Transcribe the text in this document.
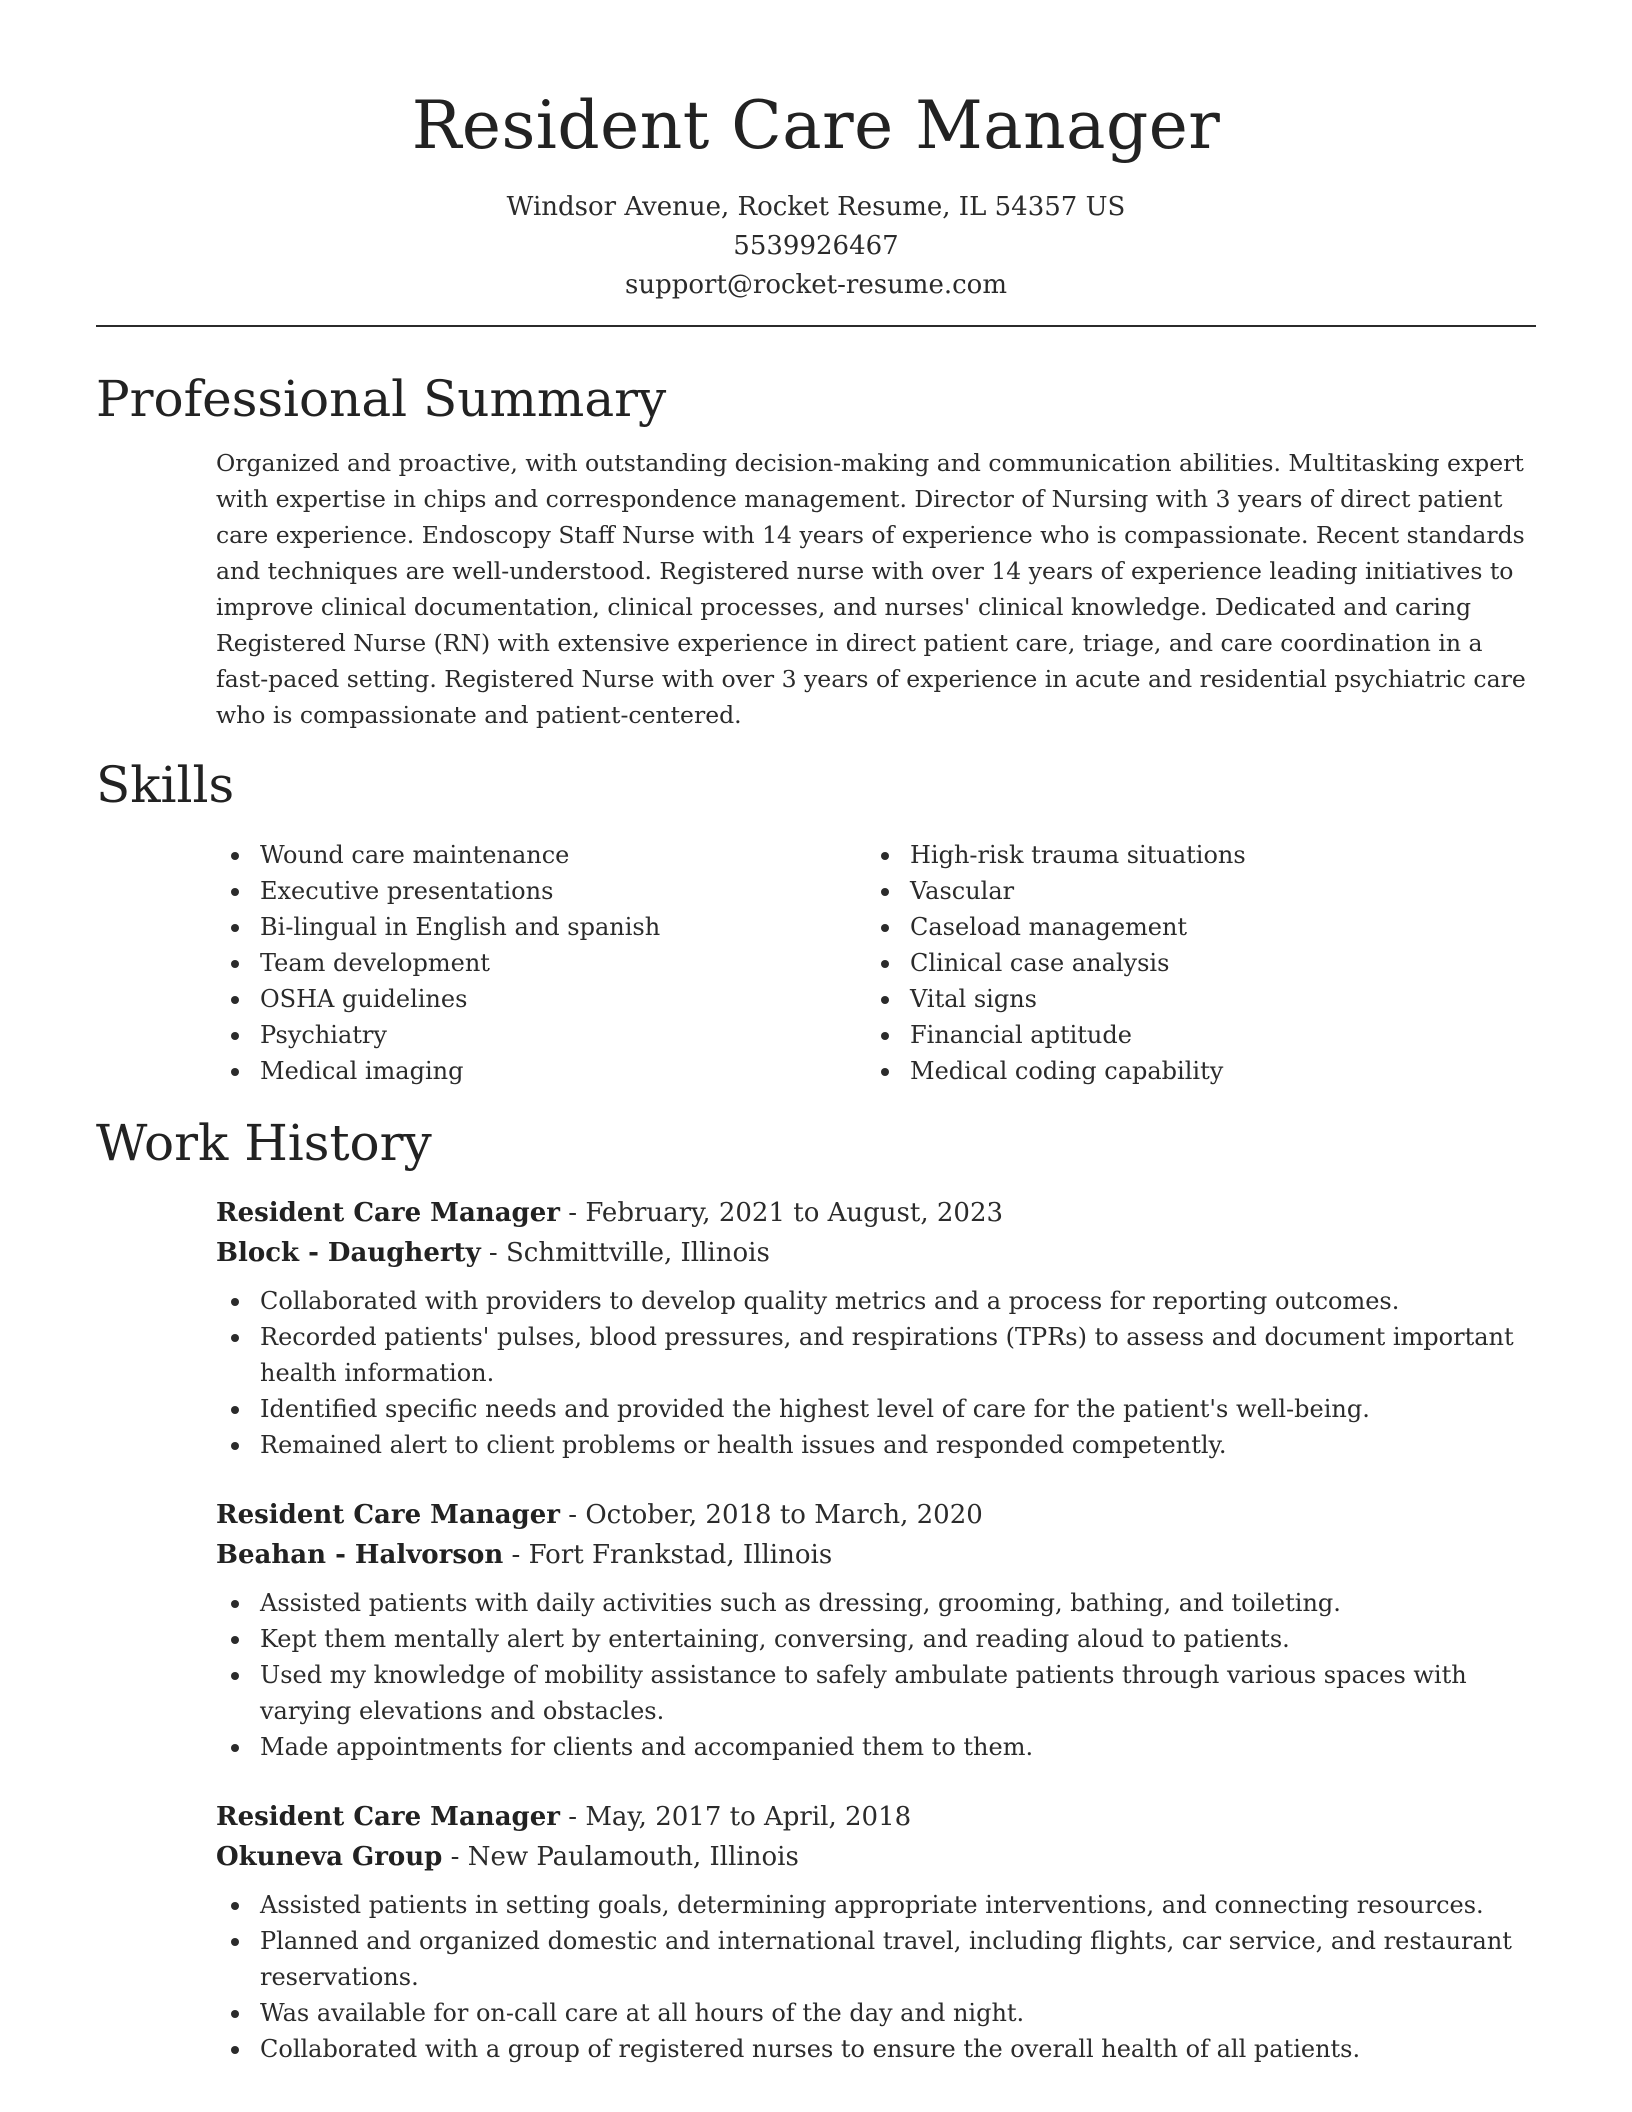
Resident Care Manager
Windsor Avenue, Rocket Resume, IL 54357 US
5539926467
support@rocket-resume.com
Professional Summary

Organized and proactive, with outstanding decision-making and communication abilities. Multitasking expert with expertise in chips and correspondence management. Director of Nursing with 3 years of direct patient care experience. Endoscopy Staff Nurse with 14 years of experience who is compassionate. Recent standards and techniques are well-understood. Registered nurse with over 14 years of experience leading initiatives to improve clinical documentation, clinical processes, and nurses' clinical knowledge. Dedicated and caring Registered Nurse (RN) with extensive experience in direct patient care, triage, and care coordination in a fast-paced setting. Registered Nurse with over 3 years of experience in acute and residential psychiatric care who is compassionate and patient-centered.

Skills
Wound care maintenance
Executive presentations
Bi-lingual in English and spanish
Team development
OSHA guidelines
Psychiatry
Medical imaging
High-risk trauma situations
Vascular
Caseload management
Clinical case analysis
Vital signs
Financial aptitude
Medical coding capability
Work History
Resident Care Manager - February, 2021 to August, 2023
Block - Daugherty - Schmittville, Illinois
Collaborated with providers to develop quality metrics and a process for reporting outcomes.
Recorded patients' pulses, blood pressures, and respirations (TPRs) to assess and document important health information.
Identified specific needs and provided the highest level of care for the patient's well-being.
Remained alert to client problems or health issues and responded competently.
Resident Care Manager - October, 2018 to March, 2020
Beahan - Halvorson - Fort Frankstad, Illinois
Assisted patients with daily activities such as dressing, grooming, bathing, and toileting.
Kept them mentally alert by entertaining, conversing, and reading aloud to patients.
Used my knowledge of mobility assistance to safely ambulate patients through various spaces with varying elevations and obstacles.
Made appointments for clients and accompanied them to them.
Resident Care Manager - May, 2017 to April, 2018
Okuneva Group - New Paulamouth, Illinois
Assisted patients in setting goals, determining appropriate interventions, and connecting resources.
Planned and organized domestic and international travel, including flights, car service, and restaurant reservations.
Was available for on-call care at all hours of the day and night.
Collaborated with a group of registered nurses to ensure the overall health of all patients.
